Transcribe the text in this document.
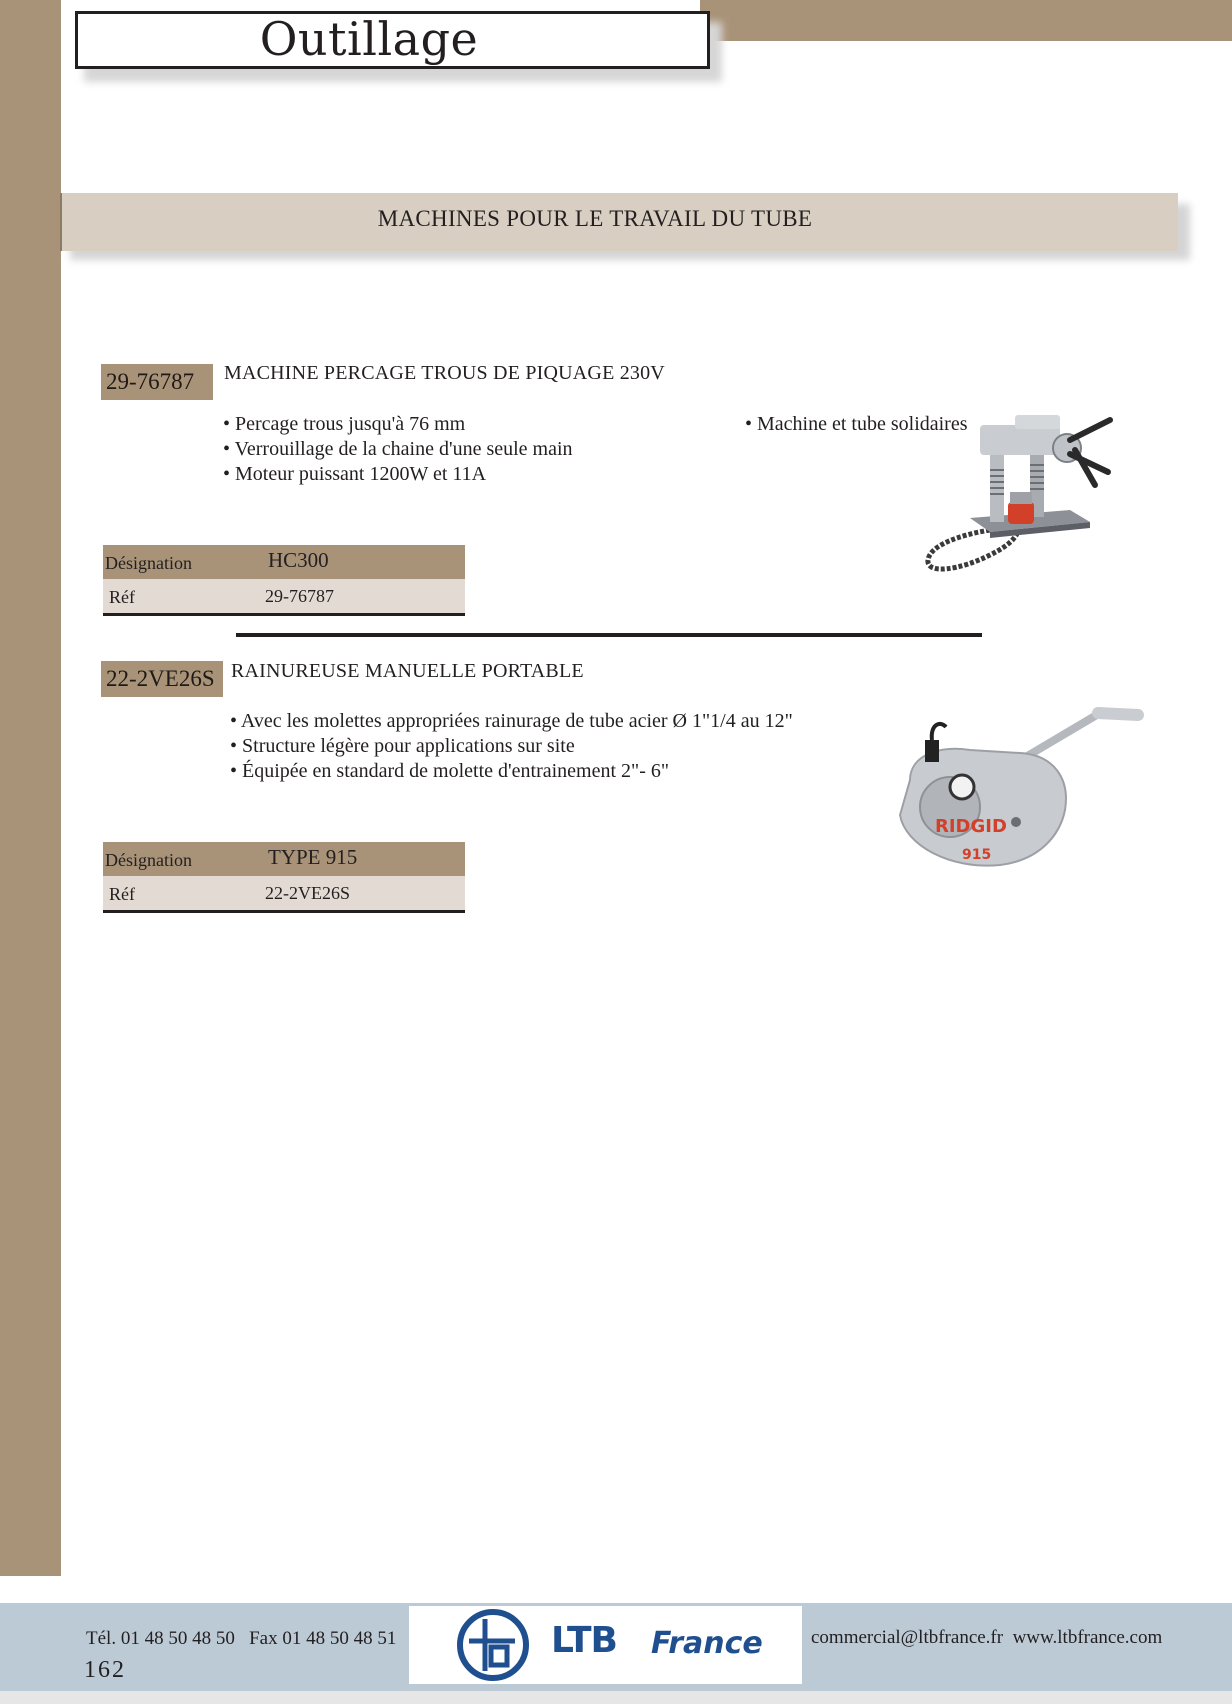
Outillage
MACHINES POUR LE TRAVAIL DU TUBE
29-76787	MACHINE PERCAGE TROUS DE PIQUAGE 230V
• Percage trous jusqu'à 76 mm
• Verrouillage de la chaine d'une seule main
• Moteur puissant 1200W et 11A
• Machine et tube solidaires
Désignation	HC300
Réf	29-76787
22-2VE26S RAINUREUSE MANUELLE PORTABLE
• Avec les molettes appropriées rainurage de tube acier Ø 1"1/4 au 12"
• Structure légère pour applications sur site
• Équipée en standard de molette d'entrainement 2"- 6"
Désignation	TYPE 915
Réf	22-2VE26S
RIDGID
915
Tél. 01 48 50 48 50   Fax 01 48 50 48 51
162
LTB France	commercial@ltbfrance.fr  www.ltbfrance.com
